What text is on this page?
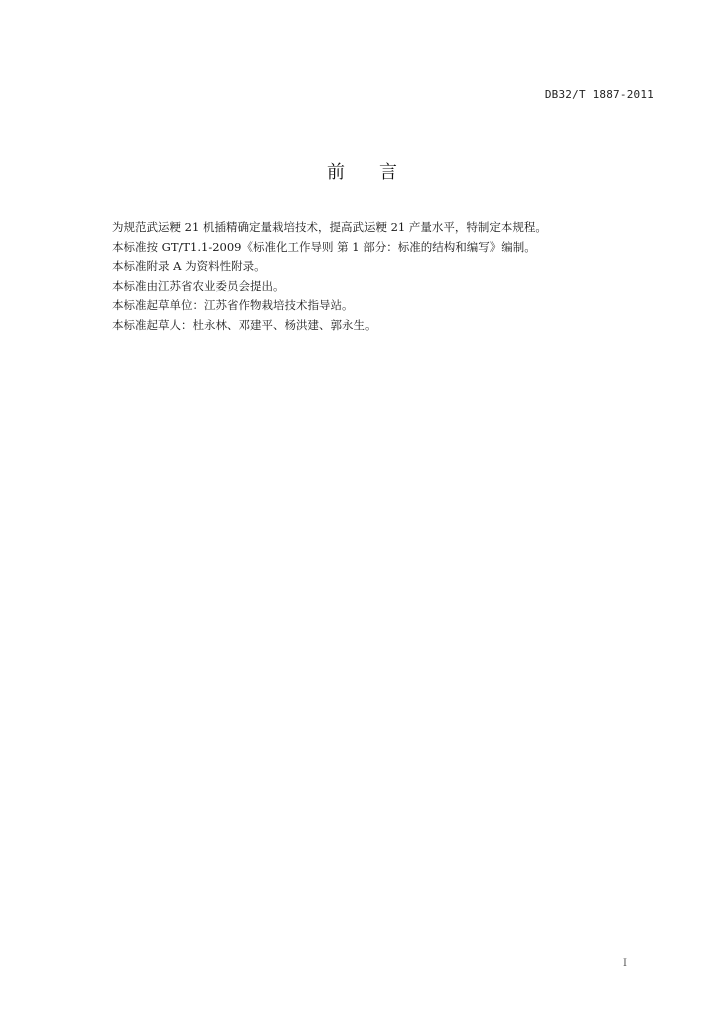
DB32/T 1887-2011
前 言
为规范武运粳 21 机插精确定量栽培技术，提高武运粳 21 产量水平，特制定本规程。
本标准按 GT/T1.1-2009《标准化工作导则 第 1 部分：标准的结构和编写》编制。
本标准附录 A 为资料性附录。
本标准由江苏省农业委员会提出。
本标准起草单位：江苏省作物栽培技术指导站。
本标准起草人：杜永林、邓建平、杨洪建、郭永生。
I
